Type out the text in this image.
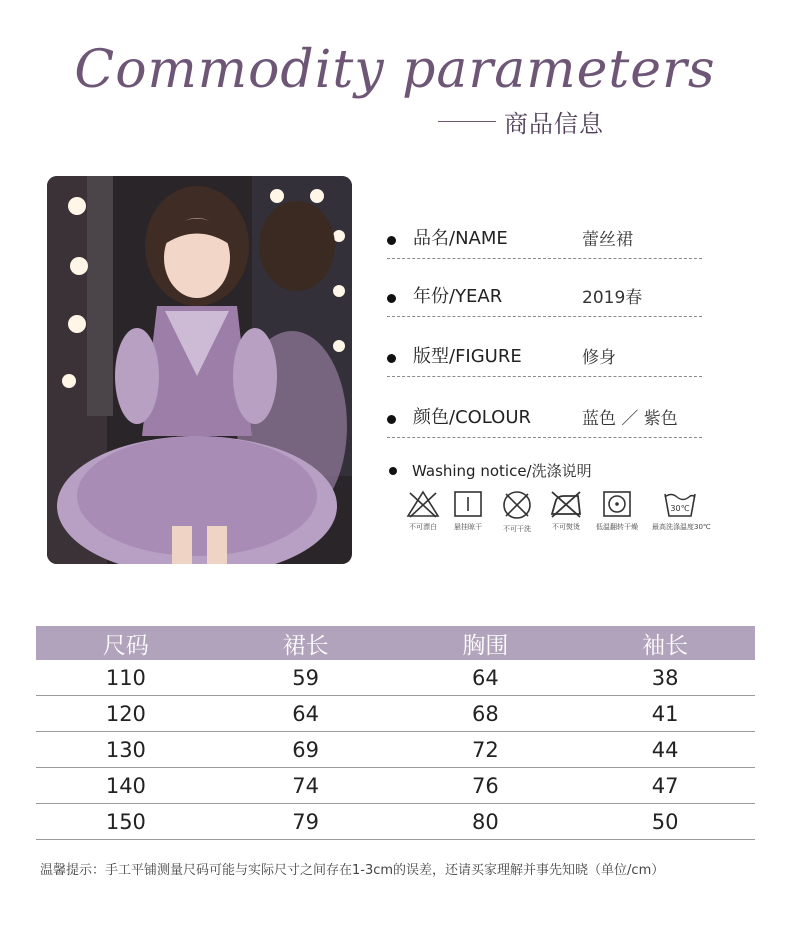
Commodity parameters
商品信息
品名/NAME	蕾丝裙
年份/YEAR	2019春
版型/FIGURE	修身
颜色/COLOUR	蓝色 ／ 紫色
Washing notice/洗涤说明
不可漂白	悬挂晾干	不可干洗	不可熨烫	低温翻转干燥
30℃
最高洗涤温度30℃
尺码	裙长	胸围	袖长
110	59	64	38
120	64	68	41
130	69	72	44
140	74	76	47
150	79	80	50
温馨提示：手工平铺测量尺码可能与实际尺寸之间存在1-3cm的误差，还请买家理解并事先知晓（单位/cm）
